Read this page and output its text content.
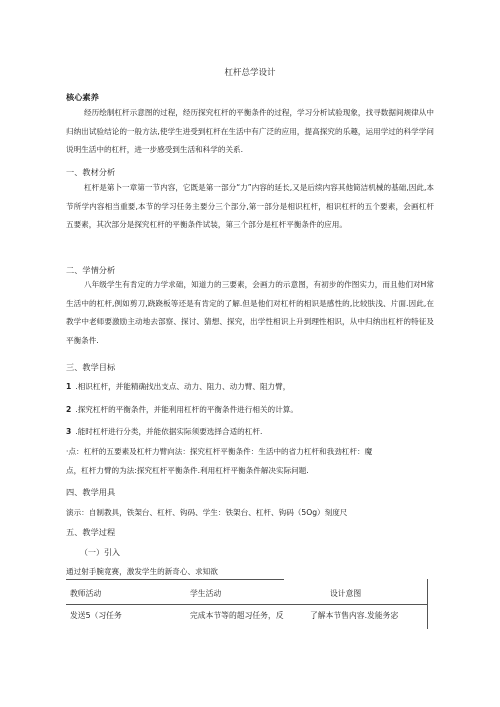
杠杆总学设计
核心素养

经历绘制杠杆示意图的过程，经历探究杠杆的平衡条件的过程，学习分析试验现象，找寻数据间规律从中归纳出试验结论的一般方法,使学生进受到杠杆在生活中有广泛的应用，提高探究的乐趣，运用学过的科学学问说明生活中的杠杆，进一步感受到生活和科学的关系.

一、教材分析

杠杆是第卜一章第一节内容，它既是第一部分“力”内容的延长,又是后续内容其他简洁机械的基础,因此,本节所学内容相当重要,本节的学习任务主要分三个部分,第一部分是相识杠杆，相识杠杆的五个要素，会画杠杆五要素，其次部分是探究杠杆的平衡条件试装，第三个部分是杠杆平衡条件的应用。

二、学情分析

八年级学生有肯定的力学求础，知道力的三要素，会画力的示意图，有初步的作图实力，而且他们对H常生活中的杠杆,例如剪刀,跷跷板等还是有肯定的了解.但是他们对杠杆的相识是感性的,比较肤浅、片面.因此,在教学中老师要激励主动地去部察、探讨、猜想、探究，出学性相识上升到理性相识，从中归纳出杠杆的特征及平衡条件.

三、教学目标
1 .相识杠杆，并能精确找出支点、动力、阻力、动力臂、阻力臂，
2 .探究杠杆的平衡条件，并能利用杠杆的平衡条件进行相关的计算。
3 .能时杠杆进行分类，并能依据实际须要选择合适的杠杆.
·点：杠杆的五要素及杠杆力臂向法：探究杠杆平衡条件：生活中的省力杠杆和我劲杠杆：魔
点，杠杆力臂的为法:探究杠杆平衡条件.利用杠杆平衡条件解决实际问题.
四、教学用具
演示：自制教具，铁架台、杠杆、钩码、学生：铁架台、杠杆、钩码（5Og）刻度尺
五、教学过程
（一）引入
通过射手腕竟赛，激发学生的新奇心、求知欲
教师活动	学生活动	设计意图
发送5（习任务	完成本节等的超习任务，反	了解本节售内容.发能务宓
